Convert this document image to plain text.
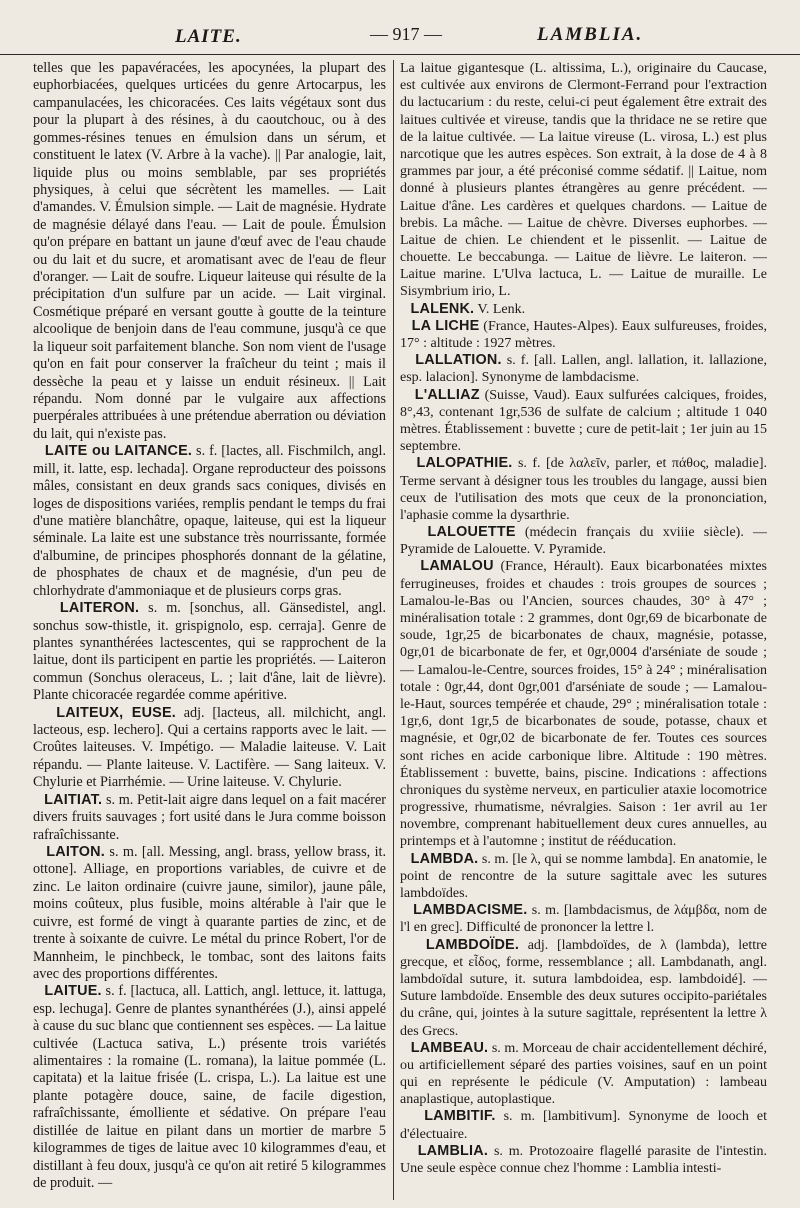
LAITE.	— 917 —	LAMBLIA.

telles que les papavéracées, les apocynées, la plupart des euphorbiacées, quelques urticées du genre Artocarpus, les campanulacées, les chicoracées. Ces laits végétaux sont dus pour la plupart à des résines, à du caoutchouc, ou à des gommes-résines tenues en émulsion dans un sérum, et constituent le latex (V. Arbre à la vache). || Par analogie, lait, liquide plus ou moins semblable, par ses propriétés physiques, à celui que sécrètent les mamelles. — Lait d'amandes. V. Émulsion simple. — Lait de magnésie. Hydrate de magnésie délayé dans l'eau. — Lait de poule. Émulsion qu'on prépare en battant un jaune d'œuf avec de l'eau chaude ou du lait et du sucre, et aromatisant avec de l'eau de fleur d'oranger. — Lait de soufre. Liqueur laiteuse qui résulte de la précipitation d'un sulfure par un acide. — Lait virginal. Cosmétique préparé en versant goutte à goutte de la teinture alcoolique de benjoin dans de l'eau commune, jusqu'à ce que la liqueur soit parfaitement blanche. Son nom vient de l'usage qu'on en fait pour conserver la fraîcheur du teint ; mais il dessèche la peau et y laisse un enduit résineux. || Lait répandu. Nom donné par le vulgaire aux affections puerpérales attribuées à une prétendue aberration ou déviation du lait, qui n'existe pas.

LAITE ou LAITANCE. s. f. [lactes, all. Fischmilch, angl. mill, it. latte, esp. lechada]. Organe reproducteur des poissons mâles, consistant en deux grands sacs coniques, divisés en loges de dispositions variées, remplis pendant le temps du frai d'une matière blanchâtre, opaque, laiteuse, qui est la liqueur séminale. La laite est une substance très nourrissante, formée d'albumine, de principes phosphorés donnant de la gélatine, de phosphates de chaux et de magnésie, d'un peu de chlorhydrate d'ammoniaque et de plusieurs corps gras.

LAITERON. s. m. [sonchus, all. Gänsedistel, angl. sonchus sow-thistle, it. grispignolo, esp. cerraja]. Genre de plantes synanthérées lactescentes, qui se rapprochent de la laitue, dont ils participent en partie les propriétés. — Laiteron commun (Sonchus oleraceus, L. ; lait d'âne, lait de lièvre). Plante chicoracée regardée comme apéritive.

LAITEUX, EUSE. adj. [lacteus, all. milchicht, angl. lacteous, esp. lechero]. Qui a certains rapports avec le lait. — Croûtes laiteuses. V. Impétigo. — Maladie laiteuse. V. Lait répandu. — Plante laiteuse. V. Lactifère. — Sang laiteux. V. Chylurie et Piarrhémie. — Urine laiteuse. V. Chylurie.

LAITIAT. s. m. Petit-lait aigre dans lequel on a fait macérer divers fruits sauvages ; fort usité dans le Jura comme boisson rafraîchissante.

LAITON. s. m. [all. Messing, angl. brass, yellow brass, it. ottone]. Alliage, en proportions variables, de cuivre et de zinc. Le laiton ordinaire (cuivre jaune, similor), jaune pâle, moins coûteux, plus fusible, moins altérable à l'air que le cuivre, est formé de vingt à quarante parties de zinc, et de trente à soixante de cuivre. Le métal du prince Robert, l'or de Mannheim, le pinchbeck, le tombac, sont des laitons faits avec des proportions différentes.

LAITUE. s. f. [lactuca, all. Lattich, angl. lettuce, it. lattuga, esp. lechuga]. Genre de plantes synanthérées (J.), ainsi appelé à cause du suc blanc que contiennent ses espèces. — La laitue cultivée (Lactuca sativa, L.) présente trois variétés alimentaires : la romaine (L. romana), la laitue pommée (L. capitata) et la laitue frisée (L. crispa, L.). La laitue est une plante potagère douce, saine, de facile digestion, rafraîchissante, émolliente et sédative. On prépare l'eau distillée de laitue en pilant dans un mortier de marbre 5 kilogrammes de tiges de laitue avec 10 kilogrammes d'eau, et distillant à feu doux, jusqu'à ce qu'on ait retiré 5 kilogrammes de produit. —

La laitue gigantesque (L. altissima, L.), originaire du Caucase, est cultivée aux environs de Clermont-Ferrand pour l'extraction du lactucarium : du reste, celui-ci peut également être extrait des laitues cultivée et vireuse, tandis que la thridace ne se retire que de la laitue cultivée. — La laitue vireuse (L. virosa, L.) est plus narcotique que les autres espèces. Son extrait, à la dose de 4 à 8 grammes par jour, a été préconisé comme sédatif. || Laitue, nom donné à plusieurs plantes étrangères au genre précédent. — Laitue d'âne. Les cardères et quelques chardons. — Laitue de brebis. La mâche. — Laitue de chèvre. Diverses euphorbes. — Laitue de chien. Le chiendent et le pissenlit. — Laitue de chouette. Le beccabunga. — Laitue de lièvre. Le laiteron. — Laitue marine. L'Ulva lactuca, L. — Laitue de muraille. Le Sisymbrium irio, L.

LALENK. V. Lenk.

LA LICHE (France, Hautes-Alpes). Eaux sulfureuses, froides, 17° : altitude : 1927 mètres.

LALLATION. s. f. [all. Lallen, angl. lallation, it. lallazione, esp. lalacion]. Synonyme de lambdacisme.

L'ALLIAZ (Suisse, Vaud). Eaux sulfurées calciques, froides, 8°,43, contenant 1gr,536 de sulfate de calcium ; altitude 1 040 mètres. Établissement : buvette ; cure de petit-lait ; 1er juin au 15 septembre.

LALOPATHIE. s. f. [de λαλεῖν, parler, et πάθος, maladie]. Terme servant à désigner tous les troubles du langage, aussi bien ceux de l'utilisation des mots que ceux de la prononciation, l'aphasie comme la dysarthrie.

LALOUETTE (médecin français du xviiie siècle). — Pyramide de Lalouette. V. Pyramide.

LAMALOU (France, Hérault). Eaux bicarbonatées mixtes ferrugineuses, froides et chaudes : trois groupes de sources ; Lamalou-le-Bas ou l'Ancien, sources chaudes, 30° à 47° ; minéralisation totale : 2 grammes, dont 0gr,69 de bicarbonate de soude, 1gr,25 de bicarbonates de chaux, magnésie, potasse, 0gr,01 de bicarbonate de fer, et 0gr,0004 d'arséniate de soude ; — Lamalou-le-Centre, sources froides, 15° à 24° ; minéralisation totale : 0gr,44, dont 0gr,001 d'arséniate de soude ; — Lamalou-le-Haut, sources tempérée et chaude, 29° ; minéralisation totale : 1gr,6, dont 1gr,5 de bicarbonates de soude, potasse, chaux et magnésie, et 0gr,02 de bicarbonate de fer. Toutes ces sources sont riches en acide carbonique libre. Altitude : 190 mètres. Établissement : buvette, bains, piscine. Indications : affections chroniques du système nerveux, en particulier ataxie locomotrice progressive, rhumatisme, névralgies. Saison : 1er avril au 1er novembre, comprenant habituellement deux cures annuelles, au printemps et à l'automne ; institut de rééducation.

LAMBDA. s. m. [le λ, qui se nomme lambda]. En anatomie, le point de rencontre de la suture sagittale avec les sutures lambdoïdes.

LAMBDACISME. s. m. [lambdacismus, de λάμβδα, nom de l'l en grec]. Difficulté de prononcer la lettre l.

LAMBDOÏDE. adj. [lambdoïdes, de λ (lambda), lettre grecque, et εἶδος, forme, ressemblance ; all. Lambdanath, angl. lambdoïdal suture, it. sutura lambdoidea, esp. lambdoidé]. — Suture lambdoïde. Ensemble des deux sutures occipito-pariétales du crâne, qui, jointes à la suture sagittale, représentent la lettre λ des Grecs.

LAMBEAU. s. m. Morceau de chair accidentellement déchiré, ou artificiellement séparé des parties voisines, sauf en un point qui en représente le pédicule (V. Amputation) : lambeau anaplastique, autoplastique.

LAMBITIF. s. m. [lambitivum]. Synonyme de looch et d'électuaire.

LAMBLIA. s. m. Protozoaire flagellé parasite de l'intestin. Une seule espèce connue chez l'homme : Lamblia intesti-
